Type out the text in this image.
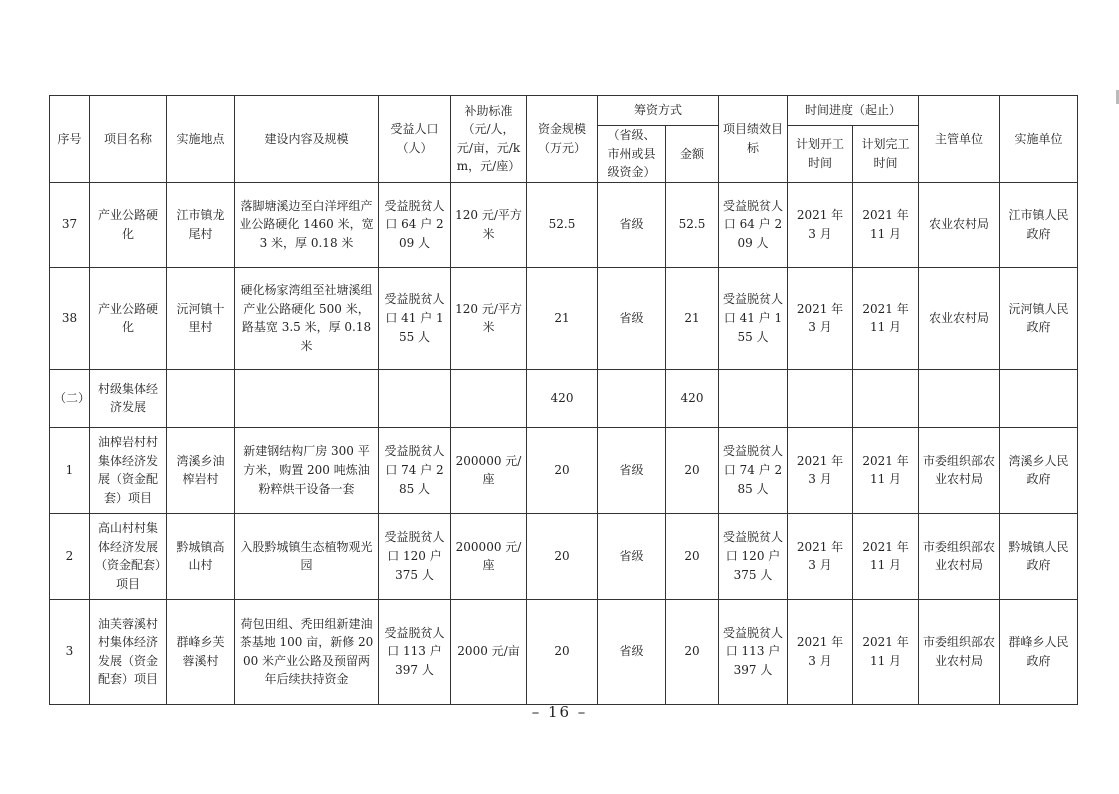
序号	项目名称	实施地点	建设内容及规模	受益人口（人）	补助标准（元/人，元/亩，元/km，元/座）	资金规模（万元）	筹资方式		项目绩效目标	时间进度（起止）		主管单位	实施单位
							（省级、市州或县级资金）	金额		计划开工时间	计划完工时间		
37	产业公路硬化	江市镇龙尾村	落脚塘溪边至白洋坪组产业公路硬化 1460 米，宽 3 米，厚 0.18 米	受益脱贫人口 64 户 209 人	120 元/平方米	52.5	省级	52.5	受益脱贫人口 64 户 209 人	2021 年 3 月	2021 年 11 月	农业农村局	江市镇人民政府
38	产业公路硬化	沅河镇十里村	硬化杨家湾组至社塘溪组产业公路硬化 500 米，路基宽 3.5 米，厚 0.18 米	受益脱贫人口 41 户 155 人	120 元/平方米	21	省级	21	受益脱贫人口 41 户 155 人	2021 年 3 月	2021 年 11 月	农业农村局	沅河镇人民政府
（二）	村级集体经济发展					420		420					
1	油榨岩村村集体经济发展（资金配套）项目	湾溪乡油榨岩村	新建钢结构厂房 300 平方米，购置 200 吨炼油粉粹烘干设备一套	受益脱贫人口 74 户 285 人	200000 元/座	20	省级	20	受益脱贫人口 74 户 285 人	2021 年 3 月	2021 年 11 月	市委组织部农业农村局	湾溪乡人民政府
2	高山村村集体经济发展（资金配套）项目	黔城镇高山村	入股黔城镇生态植物观光园	受益脱贫人口 120 户 375 人	200000 元/座	20	省级	20	受益脱贫人口 120 户 375 人	2021 年 3 月	2021 年 11 月	市委组织部农业农村局	黔城镇人民政府
3	油芙蓉溪村村集体经济发展（资金配套）项目	群峰乡芙蓉溪村	荷包田组、秃田组新建油茶基地 100 亩，新修 2000 米产业公路及预留两年后续扶持资金	受益脱贫人口 113 户 397 人	2000 元/亩	20	省级	20	受益脱贫人口 113 户 397 人	2021 年 3 月	2021 年 11 月	市委组织部农业农村局	群峰乡人民政府
– 16 –
